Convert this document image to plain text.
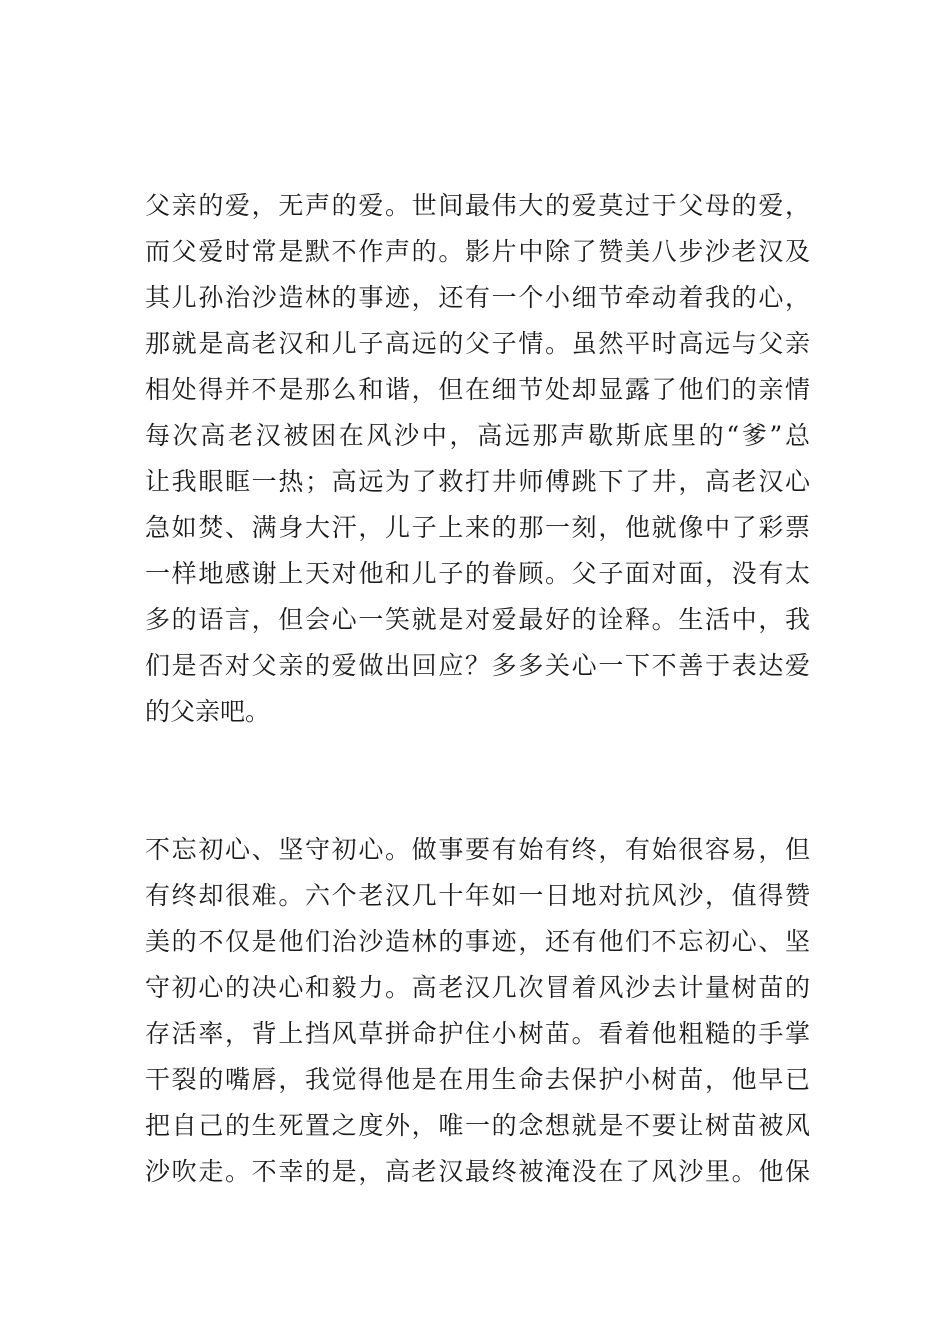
父亲的爱，无声的爱。世间最伟大的爱莫过于父母的爱，
而父爱时常是默不作声的。影片中除了赞美八步沙老汉及
其儿孙治沙造林的事迹，还有一个小细节牵动着我的心，
那就是高老汉和儿子高远的父子情。虽然平时高远与父亲
相处得并不是那么和谐，但在细节处却显露了他们的亲情
每次高老汉被困在风沙中，高远那声歇斯底里的“爹”总
让我眼眶一热；高远为了救打井师傅跳下了井，高老汉心
急如焚、满身大汗，儿子上来的那一刻，他就像中了彩票
一样地感谢上天对他和儿子的眷顾。父子面对面，没有太
多的语言，但会心一笑就是对爱最好的诠释。生活中，我
们是否对父亲的爱做出回应？多多关心一下不善于表达爱
的父亲吧。
不忘初心、坚守初心。做事要有始有终，有始很容易，但
有终却很难。六个老汉几十年如一日地对抗风沙，值得赞
美的不仅是他们治沙造林的事迹，还有他们不忘初心、坚
守初心的决心和毅力。高老汉几次冒着风沙去计量树苗的
存活率，背上挡风草拼命护住小树苗。看着他粗糙的手掌
干裂的嘴唇，我觉得他是在用生命去保护小树苗，他早已
把自己的生死置之度外，唯一的念想就是不要让树苗被风
沙吹走。不幸的是，高老汉最终被淹没在了风沙里。他保
